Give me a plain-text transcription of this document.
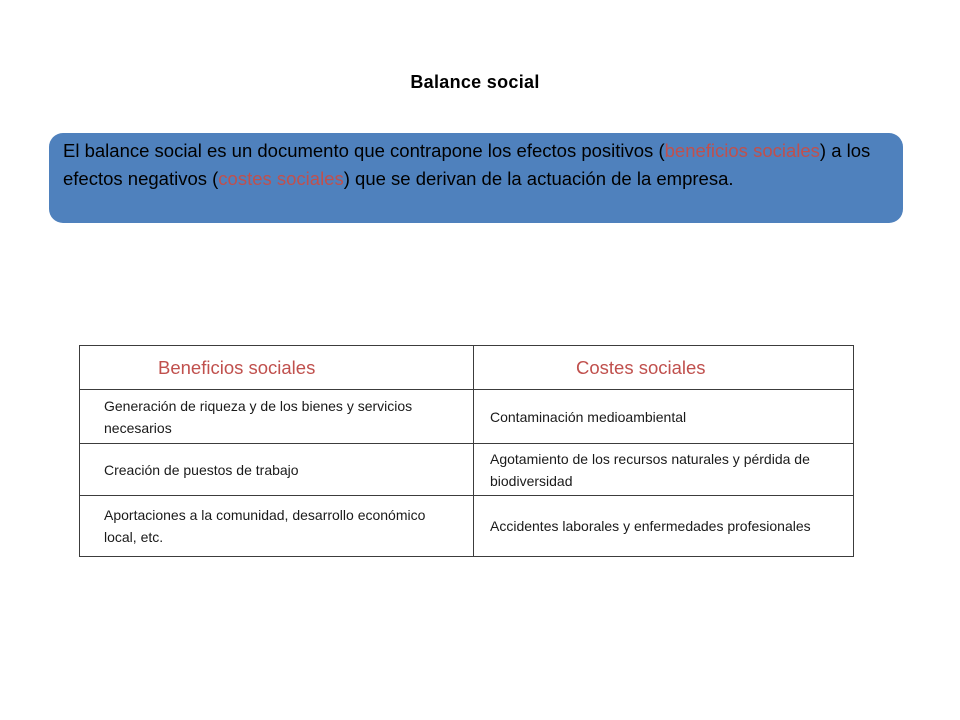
Balance social
El balance social es un documento que contrapone los efectos positivos (beneficios sociales) a los efectos negativos (costes sociales) que se derivan de la actuación de la empresa.
Beneficios sociales	Costes sociales
Generación de riqueza y de los bienes y servicios necesarios	Contaminación medioambiental
Creación de puestos de trabajo	Agotamiento de los recursos naturales y pérdida de biodiversidad
Aportaciones a la comunidad, desarrollo económico local, etc.	Accidentes laborales y enfermedades profesionales
